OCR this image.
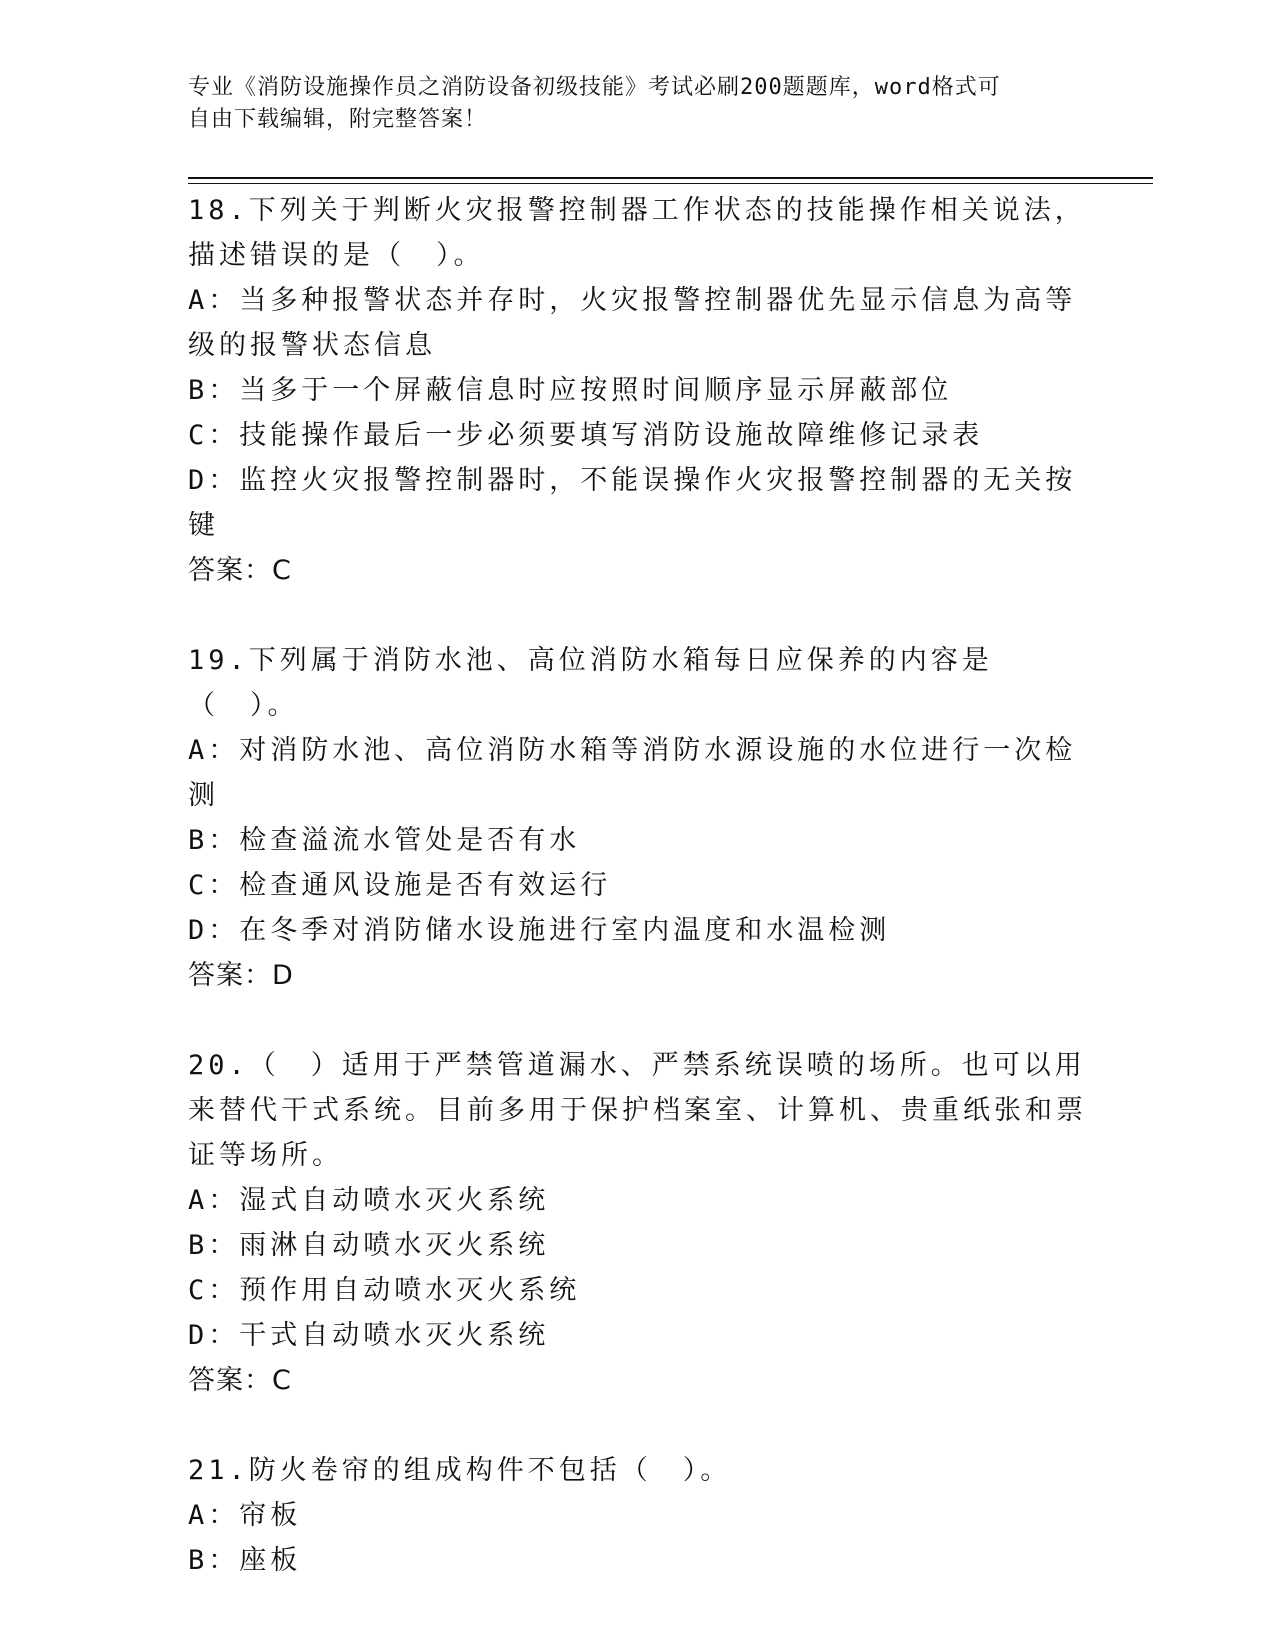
专业《消防设施操作员之消防设备初级技能》考试必刷200题题库，word格式可
自由下载编辑，附完整答案！

18.下列关于判断火灾报警控制器工作状态的技能操作相关说法，描述错误的是（　）。

A：当多种报警状态并存时，火灾报警控制器优先显示信息为高等级的报警状态信息

B：当多于一个屏蔽信息时应按照时间顺序显示屏蔽部位

C：技能操作最后一步必须要填写消防设施故障维修记录表

D：监控火灾报警控制器时，不能误操作火灾报警控制器的无关按键

答案：C

19.下列属于消防水池、高位消防水箱每日应保养的内容是（　）。

A：对消防水池、高位消防水箱等消防水源设施的水位进行一次检测

B：检查溢流水管处是否有水

C：检查通风设施是否有效运行

D：在冬季对消防储水设施进行室内温度和水温检测

答案：D

20.（　）适用于严禁管道漏水、严禁系统误喷的场所。也可以用来替代干式系统。目前多用于保护档案室、计算机、贵重纸张和票证等场所。

A：湿式自动喷水灭火系统

B：雨淋自动喷水灭火系统

C：预作用自动喷水灭火系统

D：干式自动喷水灭火系统

答案：C

21.防火卷帘的组成构件不包括（　）。

A：帘板

B：座板
